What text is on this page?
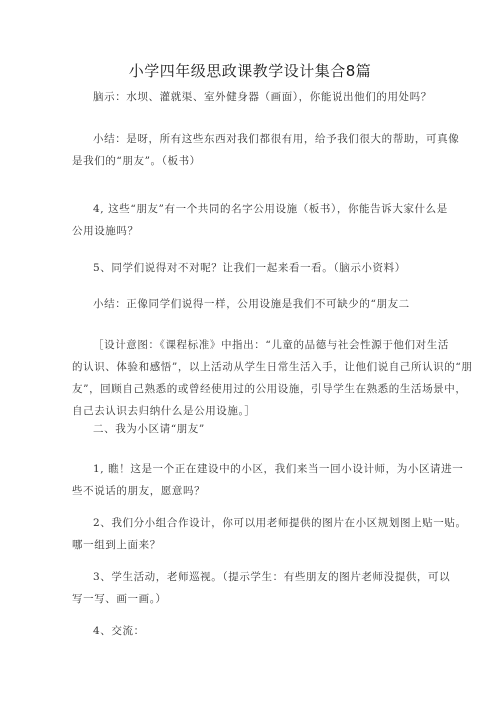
小学四年级思政课教学设计集合8篇

脑示：水坝、灌就渠、室外健身器（画面），你能说出他们的用处吗？

小结：是呀，所有这些东西对我们都很有用，给予我们很大的帮助，可真像
是我们的“朋友”。（板书）

4, 这些“朋友”有一个共同的名字公用设施（板书），你能告诉大家什么是
公用设施吗？

5、同学们说得对不对呢？让我们一起来看一看。（脑示小资料）

小结：正像同学们说得一样，公用设施是我们不可缺少的“朋友二

［设计意图：《课程标准》中指出：“儿童的品德与社会性源于他们对生活
的认识、体验和感悟”，以上活动从学生日常生活入手，让他们说自己所认识的“朋
友”，回顾自己熟悉的或曾经使用过的公用设施，引导学生在熟悉的生活场景中，
自己去认识去归纳什么是公用设施。］

二、我为小区请“朋友”

1, 瞧！这是一个正在建设中的小区，我们来当一回小设计师，为小区请进一
些不说话的朋友，愿意吗？

2、我们分小组合作设计，你可以用老师提供的图片在小区规划图上贴一贴。
哪一组到上面来？

3、学生活动，老师巡视。（提示学生：有些朋友的图片老师没提供，可以
写一写、画一画。）

4、交流：
